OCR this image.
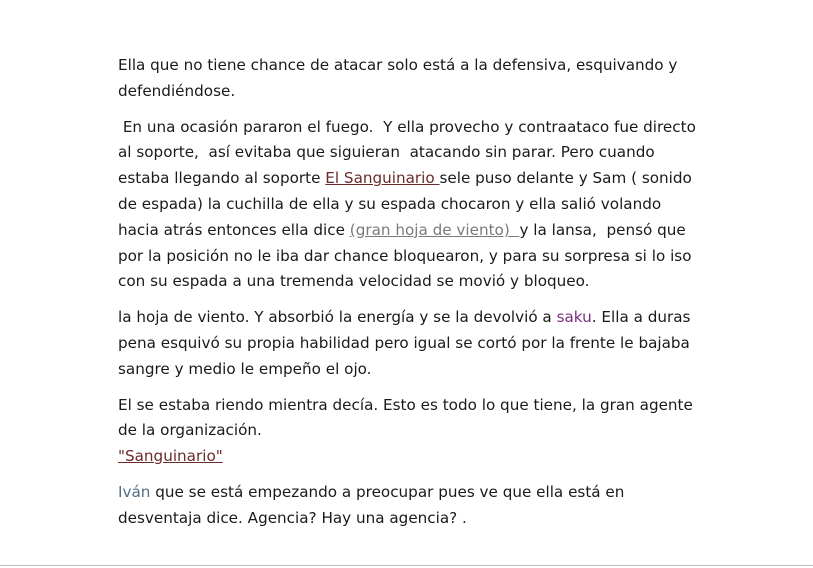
Ella que no tiene chance de atacar solo está a la defensiva, esquivando y
defendiéndose.

En una ocasión pararon el fuego.  Y ella provecho y contraataco fue directo
al soporte,  así evitaba que siguieran  atacando sin parar. Pero cuando
estaba llegando al soporte El Sanguinario sele puso delante y Sam ( sonido
de espada) la cuchilla de ella y su espada chocaron y ella salió volando
hacia atrás entonces ella dice (gran hoja de viento)  y la lansa,  pensó que
por la posición no le iba dar chance bloquearon, y para su sorpresa si lo iso
con su espada a una tremenda velocidad se movió y bloqueo.

la hoja de viento. Y absorbió la energía y se la devolvió a saku. Ella a duras
pena esquivó su propia habilidad pero igual se cortó por la frente le bajaba
sangre y medio le empeño el ojo.

El se estaba riendo mientra decía. Esto es todo lo que tiene, la gran agente
de la organización.
"Sanguinario"

Iván que se está empezando a preocupar pues ve que ella está en
desventaja dice. Agencia? Hay una agencia? .
